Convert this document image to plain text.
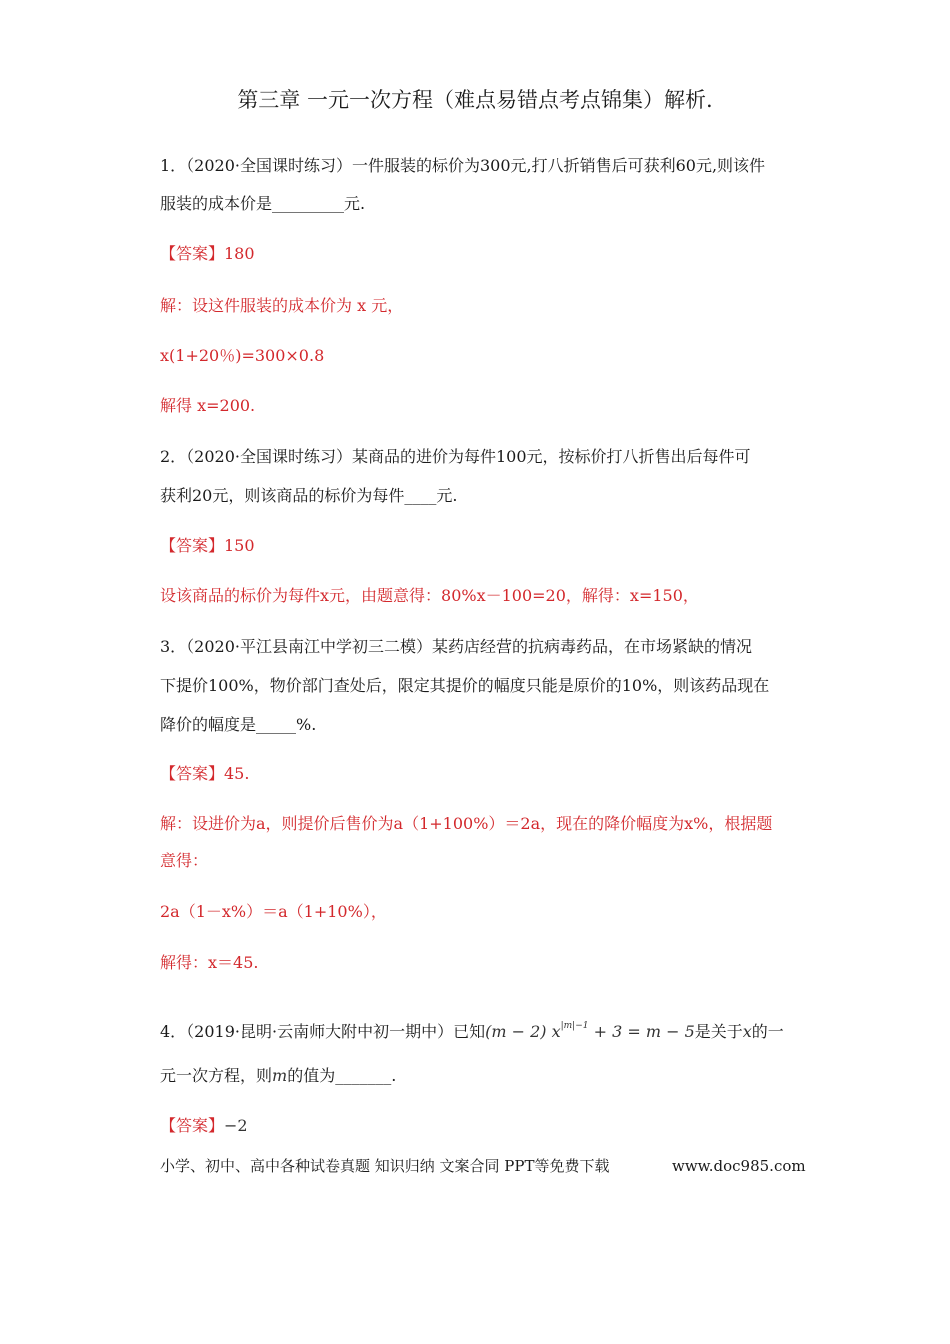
第三章 一元一次方程（难点易错点考点锦集）解析.
1．（2020·全国课时练习）一件服装的标价为300元,打八折销售后可获利60元,则该件
服装的成本价是_________元.
【答案】180
解：设这件服装的成本价为 x 元，
x(1+20％)=300×0.8
解得 x=200.
2．（2020·全国课时练习）某商品的进价为每件100元，按标价打八折售出后每件可
获利20元，则该商品的标价为每件____元.
【答案】150
设该商品的标价为每件x元，由题意得：80%x－100=20，解得：x=150，
3．（2020·平江县南江中学初三二模）某药店经营的抗病毒药品，在市场紧缺的情况
下提价100%，物价部门查处后，限定其提价的幅度只能是原价的10%，则该药品现在
降价的幅度是_____%.
【答案】45.
解：设进价为a，则提价后售价为a（1+100%）＝2a，现在的降价幅度为x%，根据题
意得：
2a（1－x%）＝a（1+10%），
解得：x＝45.
4．（2019·昆明·云南师大附中初一期中）已知(m − 2) $x^{|m|-1} + 3 = m - 5$是关于x的一
元一次方程，则m的值为_______.
【答案】−2
小学、初中、高中各种试卷真题 知识归纳 文案合同 PPT等免费下载	www.doc985.com
